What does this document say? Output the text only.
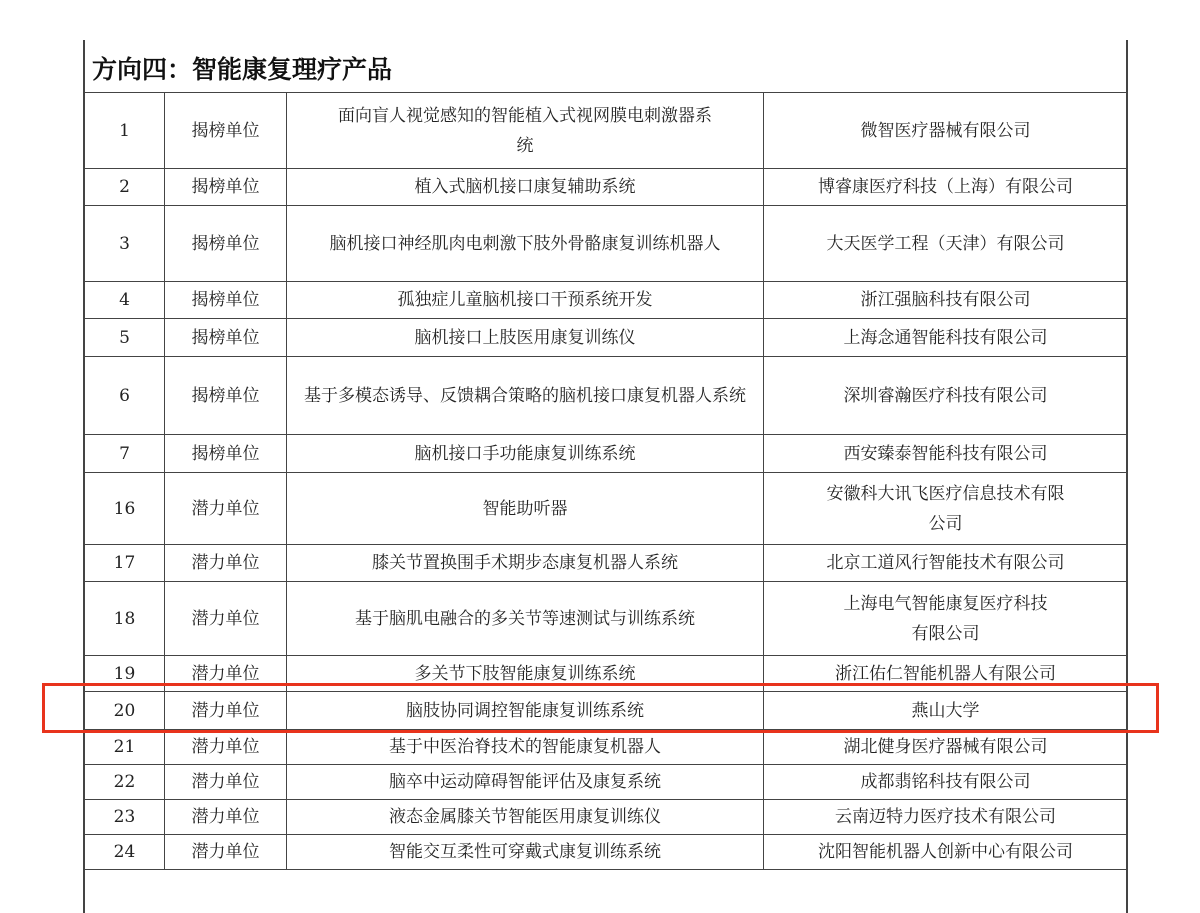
方向四：智能康复理疗产品
1	揭榜单位	面向盲人视觉感知的智能植入式视网膜电刺激器系统	微智医疗器械有限公司
2	揭榜单位	植入式脑机接口康复辅助系统	博睿康医疗科技（上海）有限公司
3	揭榜单位	脑机接口神经肌肉电刺激下肢外骨骼康复训练机器人	大天医学工程（天津）有限公司
4	揭榜单位	孤独症儿童脑机接口干预系统开发	浙江强脑科技有限公司
5	揭榜单位	脑机接口上肢医用康复训练仪	上海念通智能科技有限公司
6	揭榜单位	基于多模态诱导、反馈耦合策略的脑机接口康复机器人系统	深圳睿瀚医疗科技有限公司
7	揭榜单位	脑机接口手功能康复训练系统	西安臻泰智能科技有限公司
16	潜力单位	智能助听器	安徽科大讯飞医疗信息技术有限公司
17	潜力单位	膝关节置换围手术期步态康复机器人系统	北京工道风行智能技术有限公司
18	潜力单位	基于脑肌电融合的多关节等速测试与训练系统	上海电气智能康复医疗科技有限公司
19	潜力单位	多关节下肢智能康复训练系统	浙江佑仁智能机器人有限公司
20	潜力单位	脑肢协同调控智能康复训练系统	燕山大学
21	潜力单位	基于中医治脊技术的智能康复机器人	湖北健身医疗器械有限公司
22	潜力单位	脑卒中运动障碍智能评估及康复系统	成都翡铭科技有限公司
23	潜力单位	液态金属膝关节智能医用康复训练仪	云南迈特力医疗技术有限公司
24	潜力单位	智能交互柔性可穿戴式康复训练系统	沈阳智能机器人创新中心有限公司
